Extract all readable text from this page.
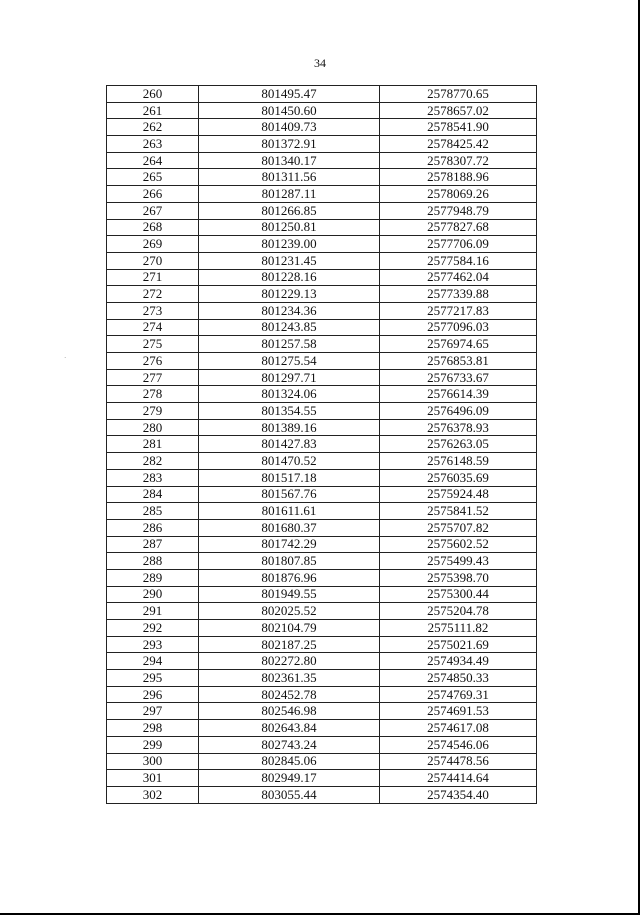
34
·
260	801495.47	2578770.65
261	801450.60	2578657.02
262	801409.73	2578541.90
263	801372.91	2578425.42
264	801340.17	2578307.72
265	801311.56	2578188.96
266	801287.11	2578069.26
267	801266.85	2577948.79
268	801250.81	2577827.68
269	801239.00	2577706.09
270	801231.45	2577584.16
271	801228.16	2577462.04
272	801229.13	2577339.88
273	801234.36	2577217.83
274	801243.85	2577096.03
275	801257.58	2576974.65
276	801275.54	2576853.81
277	801297.71	2576733.67
278	801324.06	2576614.39
279	801354.55	2576496.09
280	801389.16	2576378.93
281	801427.83	2576263.05
282	801470.52	2576148.59
283	801517.18	2576035.69
284	801567.76	2575924.48
285	801611.61	2575841.52
286	801680.37	2575707.82
287	801742.29	2575602.52
288	801807.85	2575499.43
289	801876.96	2575398.70
290	801949.55	2575300.44
291	802025.52	2575204.78
292	802104.79	2575111.82
293	802187.25	2575021.69
294	802272.80	2574934.49
295	802361.35	2574850.33
296	802452.78	2574769.31
297	802546.98	2574691.53
298	802643.84	2574617.08
299	802743.24	2574546.06
300	802845.06	2574478.56
301	802949.17	2574414.64
302	803055.44	2574354.40
